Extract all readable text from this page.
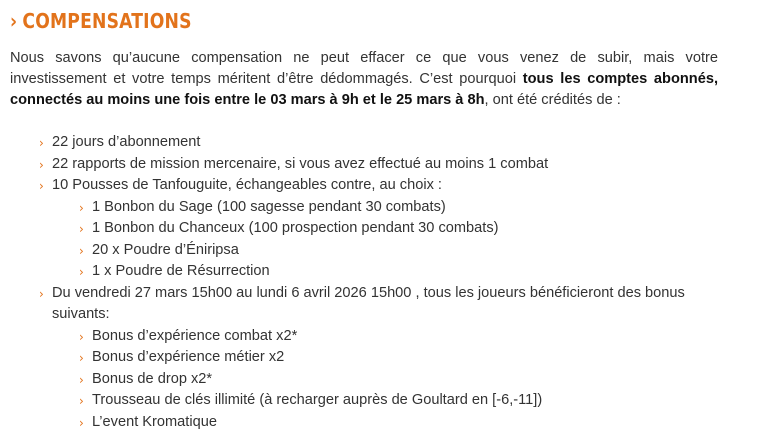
› COMPENSATIONS

Nous savons qu’aucune compensation ne peut effacer ce que vous venez de subir, mais votre investissement et votre temps méritent d’être dédommagés. C’est pourquoi tous les comptes abonnés, connectés au moins une fois entre le 03 mars à 9h et le 25 mars à 8h, ont été crédités de :

› 22 jours d’abonnement
› 22 rapports de mission mercenaire, si vous avez effectué au moins 1 combat
› 10 Pousses de Tanfouguite, échangeables contre, au choix :
› 1 Bonbon du Sage (100 sagesse pendant 30 combats)
› 1 Bonbon du Chanceux (100 prospection pendant 30 combats)
› 20 x Poudre d’Éniripsa
› 1 x Poudre de Résurrection
› Du vendredi 27 mars 15h00 au lundi 6 avril 2026 15h00 , tous les joueurs bénéficieront des bonus suivants:
› Bonus d’expérience combat x2*
› Bonus d’expérience métier x2
› Bonus de drop x2*
› Trousseau de clés illimité (à recharger auprès de Goultard en [-6,-11])
› L’event Kromatique
